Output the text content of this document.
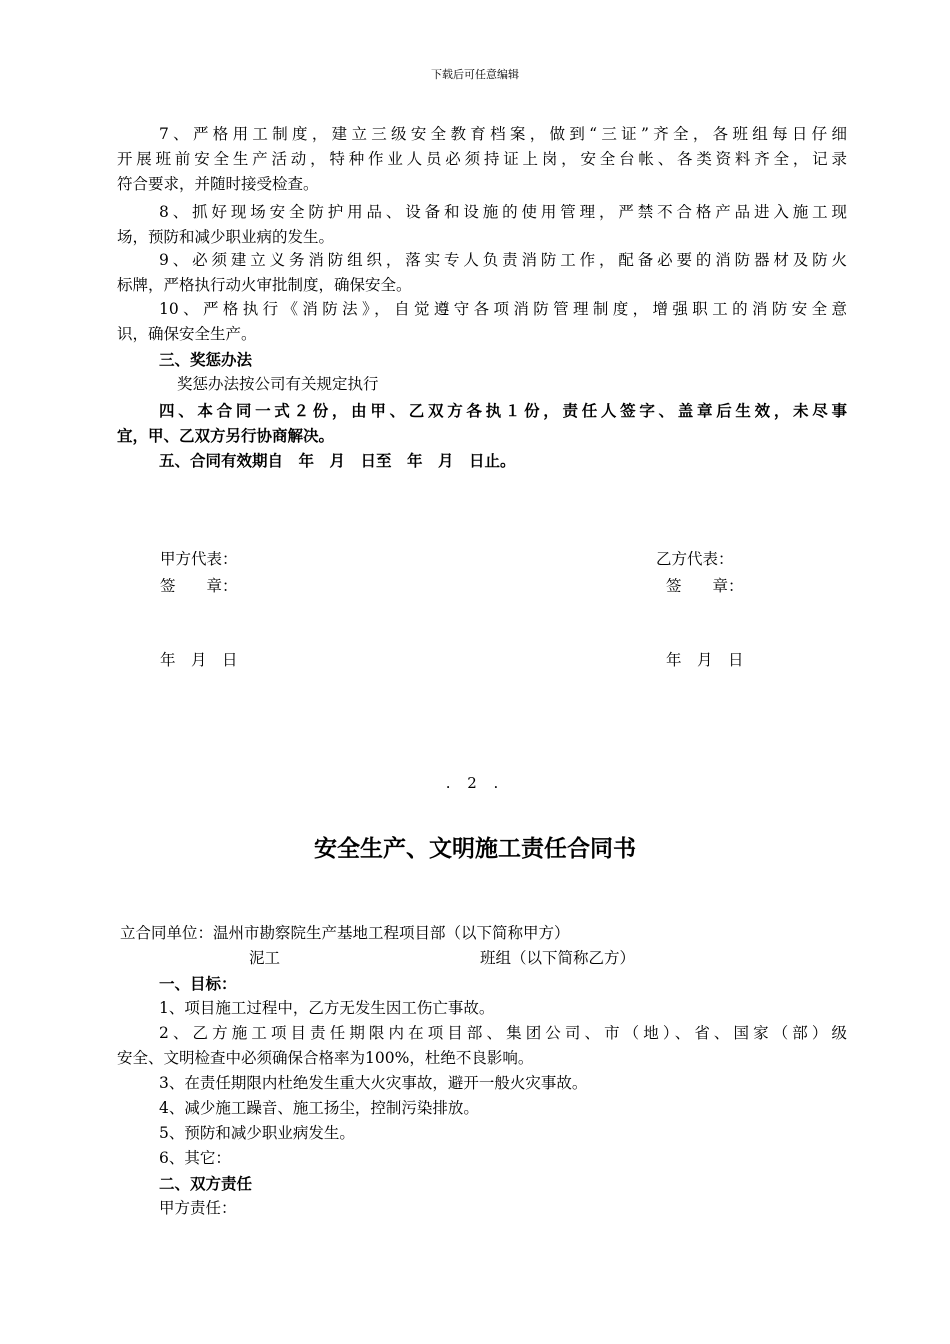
下载后可任意编辑

7、严格用工制度，建立三级安全教育档案，做到“三证”齐全，各班组每日仔细

开展班前安全生产活动，特种作业人员必须持证上岗，安全台帐、各类资料齐全，记录

符合要求，并随时接受检查。

8、抓好现场安全防护用品、设备和设施的使用管理，严禁不合格产品进入施工现

场，预防和减少职业病的发生。

9、必须建立义务消防组织，落实专人负责消防工作，配备必要的消防器材及防火

标牌，严格执行动火审批制度，确保安全。

10、严格执行《消防法》，自觉遵守各项消防管理制度，增强职工的消防安全意

识，确保安全生产。

三、奖惩办法

奖惩办法按公司有关规定执行

四、本合同一式２份，由甲、乙双方各执１份，责任人签字、盖章后生效，未尽事

宜，甲、乙双方另行协商解决。

五、合同有效期自　年　月　日至　年　月　日止。

甲方代表：
签　　章：
年　月　日
乙方代表：
签　　章：
年　月　日
. 2 .
安全生产、文明施工责任合同书
立合同单位：温州市勘察院生产基地工程项目部（以下简称甲方）
泥工	班组（以下简称乙方）

一、目标：

1、项目施工过程中，乙方无发生因工伤亡事故。

2、乙方施工项目责任期限内在项目部、集团公司、市（地）、省、国家（部）级

安全、文明检查中必须确保合格率为100%，杜绝不良影响。

3、在责任期限内杜绝发生重大火灾事故，避开一般火灾事故。

4、减少施工躁音、施工扬尘，控制污染排放。

5、预防和减少职业病发生。

6、其它：

二、双方责任

甲方责任：
